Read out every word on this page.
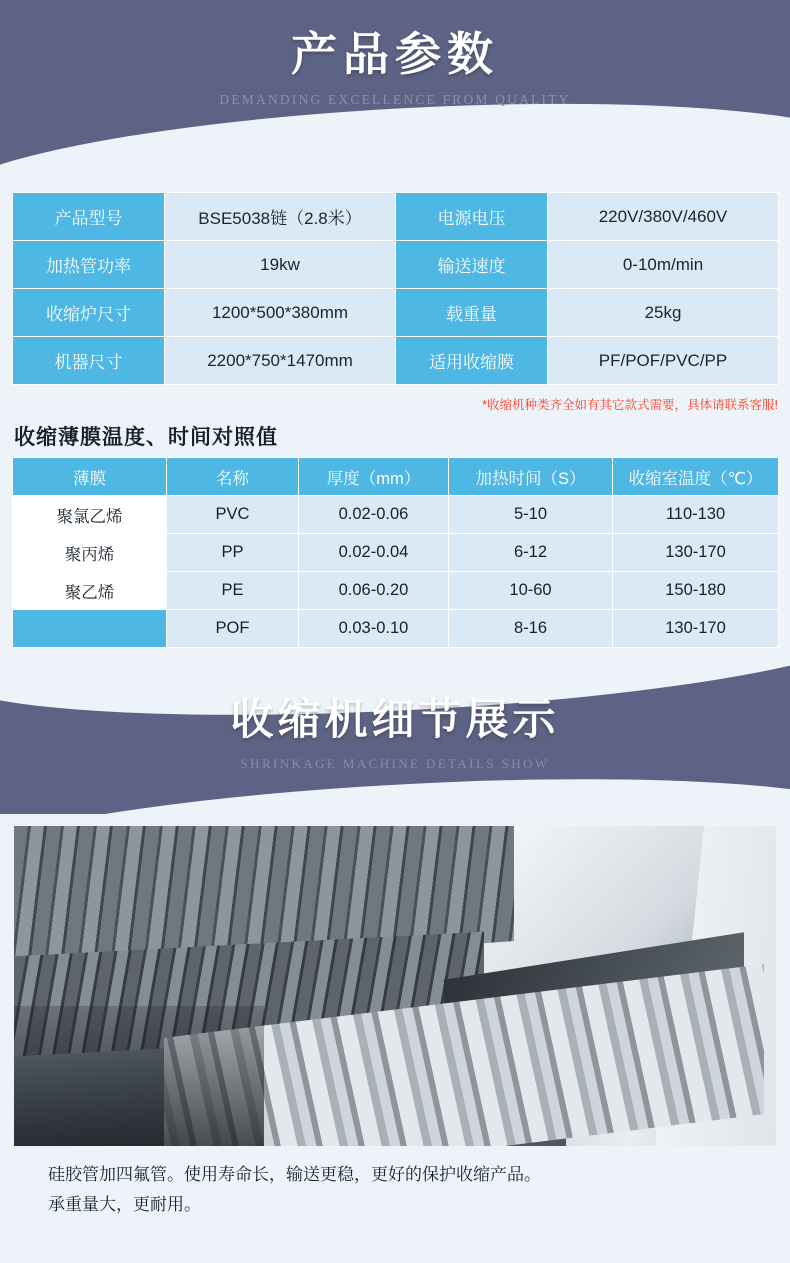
产品参数
DEMANDING EXCELLENCE FROM QUALITY
产品型号	BSE5038链（2.8米）	电源电压	220V/380V/460V
加热管功率	19kw	输送速度	0-10m/min
收缩炉尺寸	1200*500*380mm	载重量	25kg
机器尺寸	2200*750*1470mm	适用收缩膜	PF/POF/PVC/PP
*收缩机种类齐全如有其它款式需要，具体请联系客服!
收缩薄膜温度、时间对照值
薄膜	名称	厚度（mm）	加热时间（S）	收缩室温度（℃）
聚氯乙烯	PVC	0.02-0.06	5-10	110-130
聚丙烯	PP	0.02-0.04	6-12	130-170
聚乙烯	PE	0.06-0.20	10-60	150-180
	POF	0.03-0.10	8-16	130-170
收缩机细节展示
SHRINKAGE MACHINE DETAILS SHOW
硅胶管加四氟管。使用寿命长，输送更稳，更好的保护收缩产品。
承重量大，更耐用。
